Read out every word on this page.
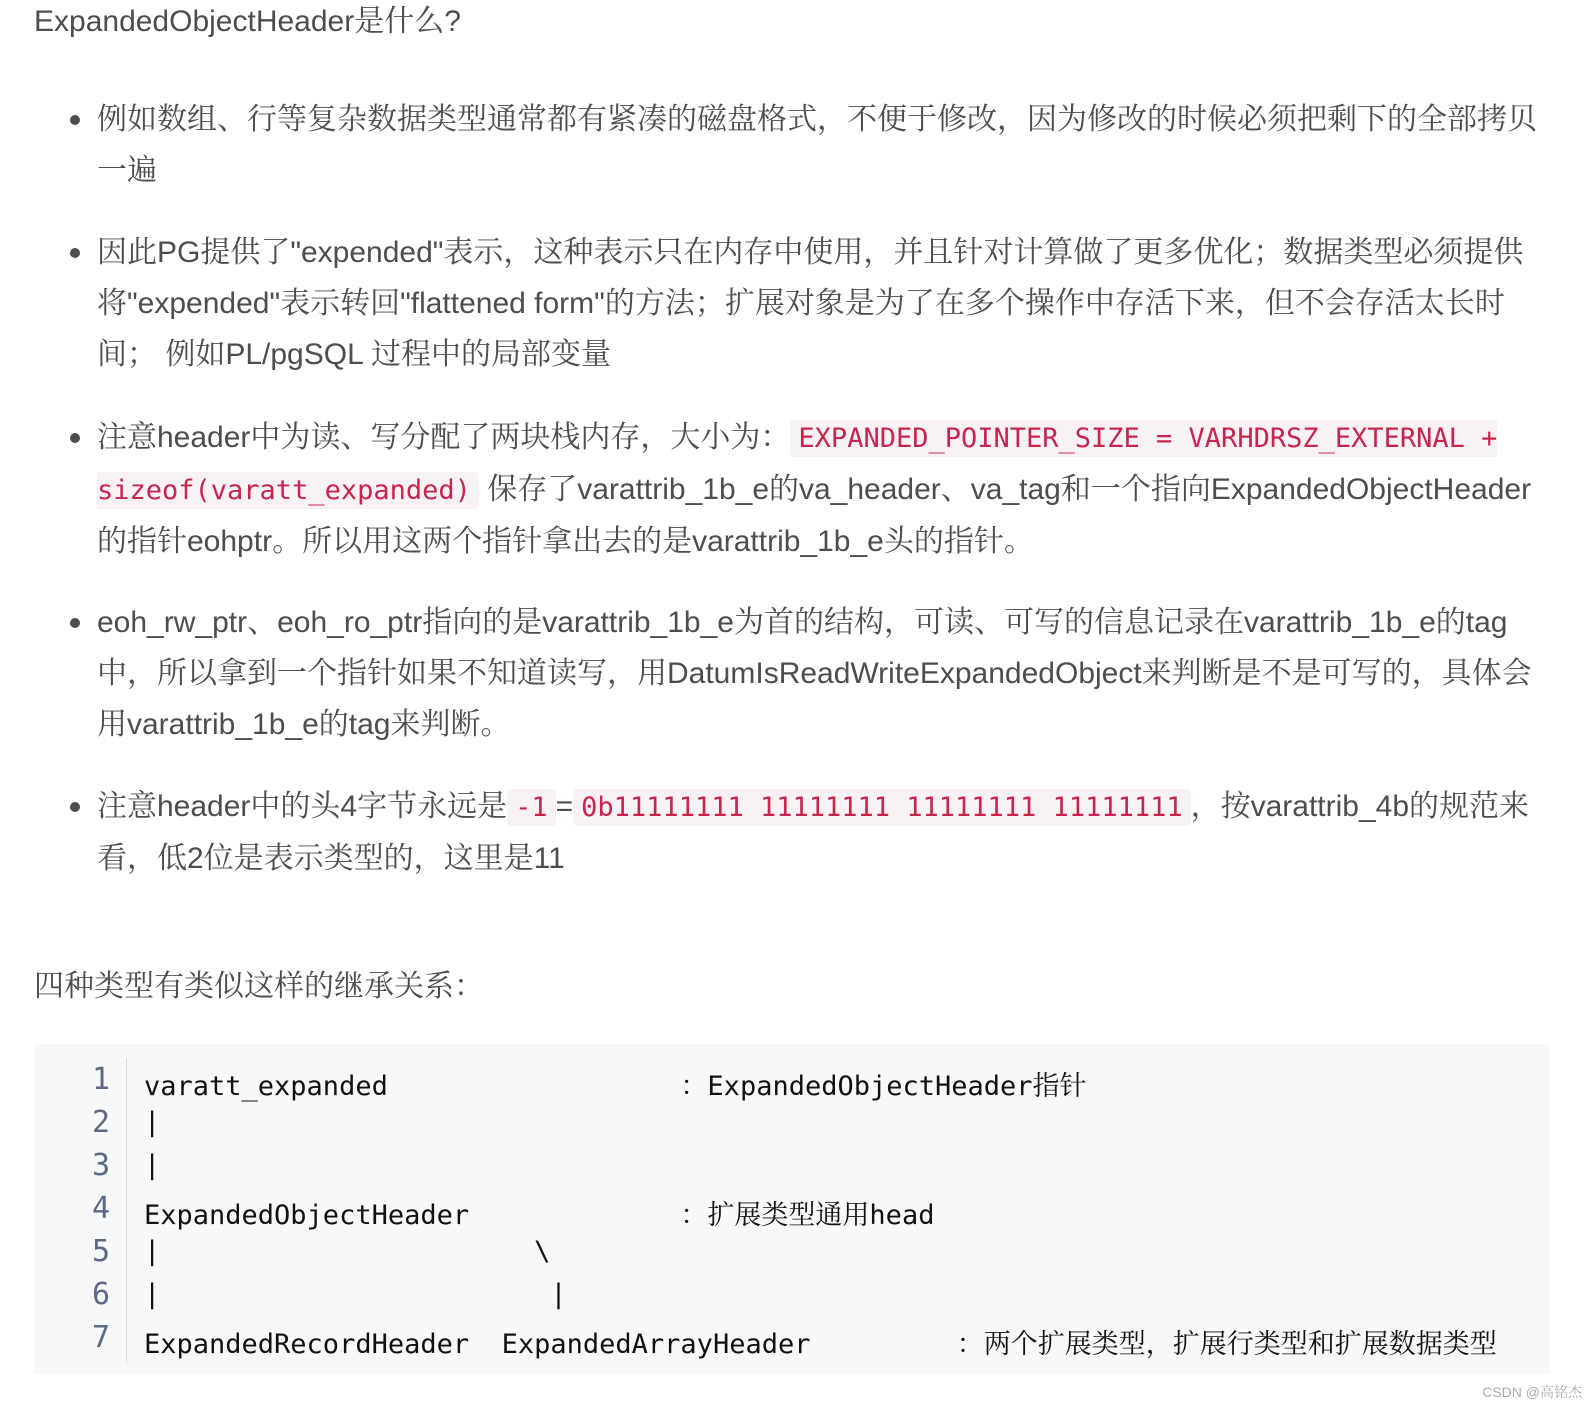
ExpandedObjectHeader是什么?
例如数组、行等复杂数据类型通常都有紧凑的磁盘格式，不便于修改，因为修改的时候必须把剩下的全部拷贝一遍
因此PG提供了"expended"表示，这种表示只在内存中使用，并且针对计算做了更多优化；数据类型必须提供将"expended"表示转回"flattened form"的方法；扩展对象是为了在多个操作中存活下来，但不会存活太长时间； 例如PL/pgSQL 过程中的局部变量
注意header中为读、写分配了两块栈内存，大小为： EXPANDED_POINTER_SIZE = VARHDRSZ_EXTERNAL + sizeof(varatt_expanded) 保存了varattrib_1b_e的va_header、va_tag和一个指向ExpandedObjectHeader的指针eohptr。所以用这两个指针拿出去的是varattrib_1b_e头的指针。
eoh_rw_ptr、eoh_ro_ptr指向的是varattrib_1b_e为首的结构，可读、可写的信息记录在varattrib_1b_e的tag中，所以拿到一个指针如果不知道读写，用DatumIsReadWriteExpandedObject来判断是不是可写的，具体会用varattrib_1b_e的tag来判断。
注意header中的头4字节永远是 -1 = 0b11111111 11111111 11111111 11111111 ，按varattrib_4b的规范来看，低2位是表示类型的，这里是11
四种类型有类似这样的继承关系：
1
2
3
4
5
6
7
varatt_expanded                  ：ExpandedObjectHeader指针
|
|
ExpandedObjectHeader             ：扩展类型通用head
|                       \
|                        |
ExpandedRecordHeader  ExpandedArrayHeader         ：两个扩展类型，扩展行类型和扩展数据类型
CSDN @高铭杰
